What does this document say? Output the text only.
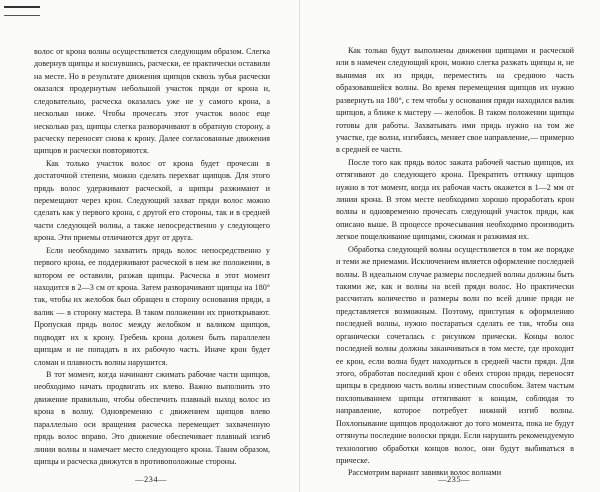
волос от крона волны осуществляется следующим образом. Слегка довернув щипцы и коснувшись, расчески, ее практически оставили на месте. Но в результате движения щипцов сквозь зубья расчески оказался продернутым небольшой участок пряди от крона и, следовательно, расческа оказалась уже не у самого крона, а несколько ниже. Чтобы прочесать этот участок волос еще несколько раз, щипцы слегка разворачивают в обратную сторону, а расческу переносят снова к крону. Далее согласованные движения щипцов и расчески повторяются.

Как только участок волос от крона будет прочесан в достаточной степени, можно сделать перехват щипцов. Для этого прядь волос удерживают расческой, а щипцы разжимают и перемещают через крон. Следующий захват пряди волос можно сделать как у первого крона, с другой его стороны, так и в средней части следующей волны, а также непосредственно у следующего крона. Эти приемы отличаются друг от друга.

Если необходимо захватить прядь волос непосредственно у первого крона, ее поддерживают расческой в нем же положении, в котором ее оставили, разжав щипцы. Расческа в этот момент находится в 2—3 см от крона. Затем разворачивают щипцы на 180° так, чтобы их желобок был обращен в сторону основания пряди, а валик — в сторону мастера. В таком положении их приоткрывают. Пропуская прядь волос между желобком и валиком щипцов, подводят их к крону. Гребень крона должен быть параллелен щипцам и не попадать в их рабочую часть. Иначе крон будет сломан и плавность волны нарушится.

В тот момент, когда начинают сжимать рабочие части щипцов, необходимо начать продвигать их влево. Важно выполнить это движение правильно, чтобы обеспечить плавный выход волос из крона в волну. Одновременно с движением щипцов влево параллельно оси вращения расческа перемещает захваченную прядь волос вправо. Это движение обеспечивает плавный изгиб линии волны и намечает место следующего крона. Таким образом, щипцы и расческа движутся в противоположные стороны.

—234—

Как только будут выполнены движения щипцами и расческой или в намечен следующий крон, можно слегка разжать щипцы и, не вынимая их из пряди, переместить на среднюю часть образовавшейся волны. Во время перемещения щипцов их нужно развернуть на 180°, с тем чтобы у основания пряди находился валик щипцов, а ближе к мастеру — желобок. В таком положении щипцы готовы для работы. Захватывать ими прядь нужно на том же участке, где волна, изгибаясь, меняет свое направление,— примерно в средней ее части.

После того как прядь волос зажата рабочей частью щипцов, их оттягивают до следующего крона. Прекратить оттяжку щипцов нужно в тот момент, когда их рабочая часть окажется в 1—2 мм от линии крона. В этом месте необходимо хорошо проработать крон волны и одновременно прочесать следующий участок пряди, как описано выше. В процессе прочесывания необходимо производить легкое пощелкивание щипцами, сжимая и разжимая их.

Обработка следующей волны осуществляется в том же порядке и теми же приемами. Исключением является оформление последней волны. В идеальном случае размеры последней волны должны быть такими же, как и волны на всей пряди волос. Но практически рассчитать количество и размеры волн по всей длине пряди не представляется возможным. Поэтому, приступая к оформлению последней волны, нужно постараться сделать ее так, чтобы она органически сочеталась с рисунком прически. Концы волос последней волны должны заканчиваться в том месте, где проходит ее крон, если волна будет находиться в средней части пряди. Для этого, обработав последний крон с обеих сторон пряди, переносят щипцы в среднюю часть волны известным способом. Затем частым похлопыванием щипцы оттягивают к концам, соблюдая то направление, которое потребует нижний изгиб волны. Похлопывание щипцов продолжают до того момента, пока не будут оттянуты последние волоски пряди. Если нарушить рекомендуемую технологию обработки концов волос, они будут выбиваться в прическе.

Рассмотрим вариант завивки волос волнами

—235—
